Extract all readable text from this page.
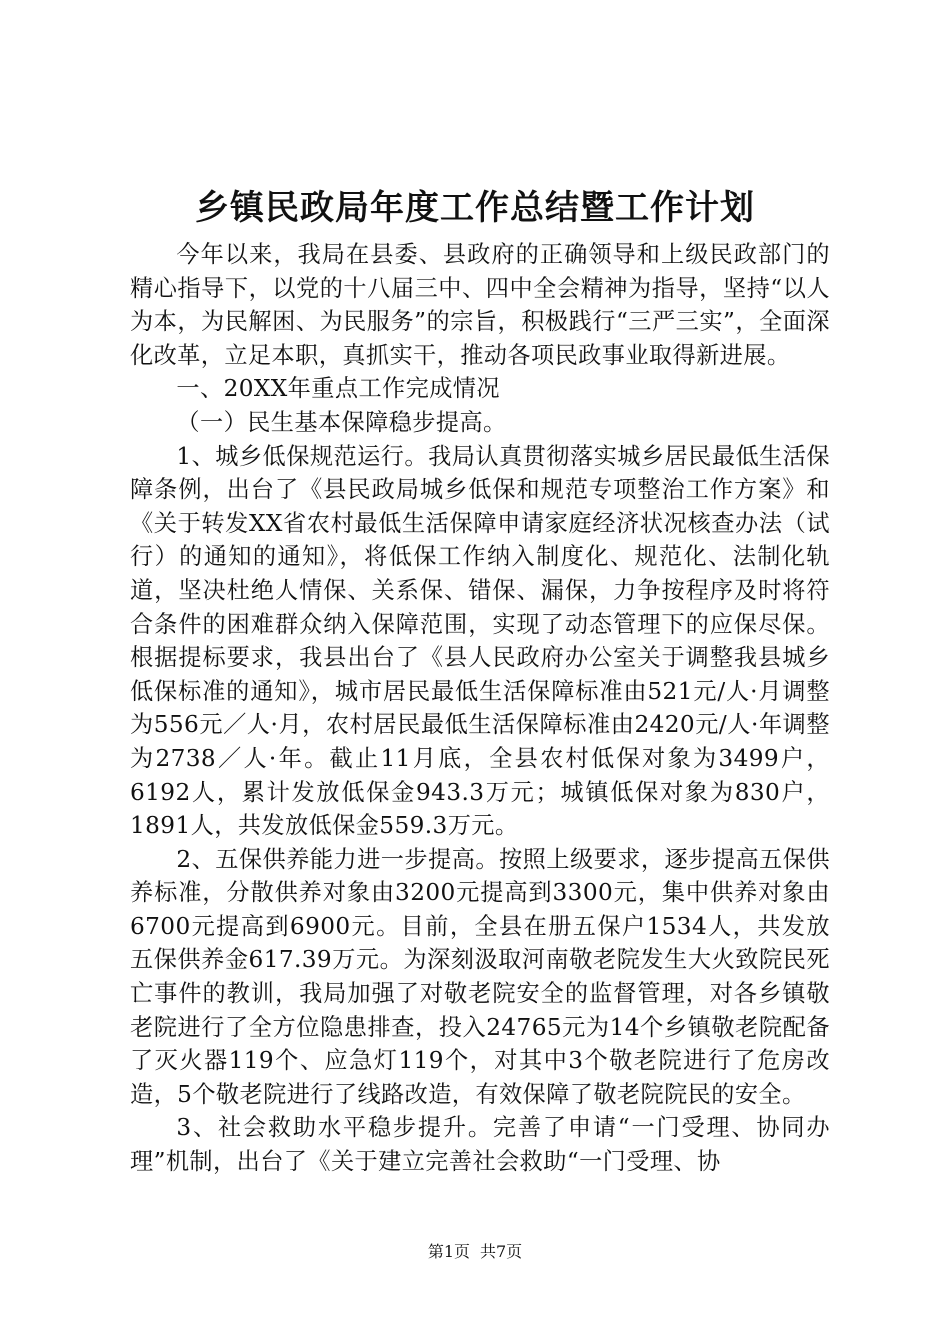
乡镇民政局年度工作总结暨工作计划

今年以来，我局在县委、县政府的正确领导和上级民政部门的精心指导下，以党的十八届三中、四中全会精神为指导，坚持“以人为本，为民解困、为民服务”的宗旨，积极践行“三严三实”，全面深化改革，立足本职，真抓实干，推动各项民政事业取得新进展。

一、20XX年重点工作完成情况

（一）民生基本保障稳步提高。

1、城乡低保规范运行。我局认真贯彻落实城乡居民最低生活保障条例，出台了《县民政局城乡低保和规范专项整治工作方案》和《关于转发XX省农村最低生活保障申请家庭经济状况核查办法（试行）的通知的通知》，将低保工作纳入制度化、规范化、法制化轨道，坚决杜绝人情保、关系保、错保、漏保，力争按程序及时将符合条件的困难群众纳入保障范围，实现了动态管理下的应保尽保。根据提标要求，我县出台了《县人民政府办公室关于调整我县城乡低保标准的通知》，城市居民最低生活保障标准由521元/人·月调整为556元／人·月，农村居民最低生活保障标准由2420元/人·年调整为2738／人·年。截止11月底，全县农村低保对象为3499户，6192人，累计发放低保金943.3万元；城镇低保对象为830户，1891人，共发放低保金559.3万元。

2、五保供养能力进一步提高。按照上级要求，逐步提高五保供养标准，分散供养对象由3200元提高到3300元，集中供养对象由6700元提高到6900元。目前，全县在册五保户1534人，共发放五保供养金617.39万元。为深刻汲取河南敬老院发生大火致院民死亡事件的教训，我局加强了对敬老院安全的监督管理，对各乡镇敬老院进行了全方位隐患排查，投入24765元为14个乡镇敬老院配备了灭火器119个、应急灯119个，对其中3个敬老院进行了危房改造，5个敬老院进行了线路改造，有效保障了敬老院院民的安全。

3、社会救助水平稳步提升。完善了申请“一门受理、协同办理”机制，出台了《关于建立完善社会救助“一门受理、协

第1页 共7页
